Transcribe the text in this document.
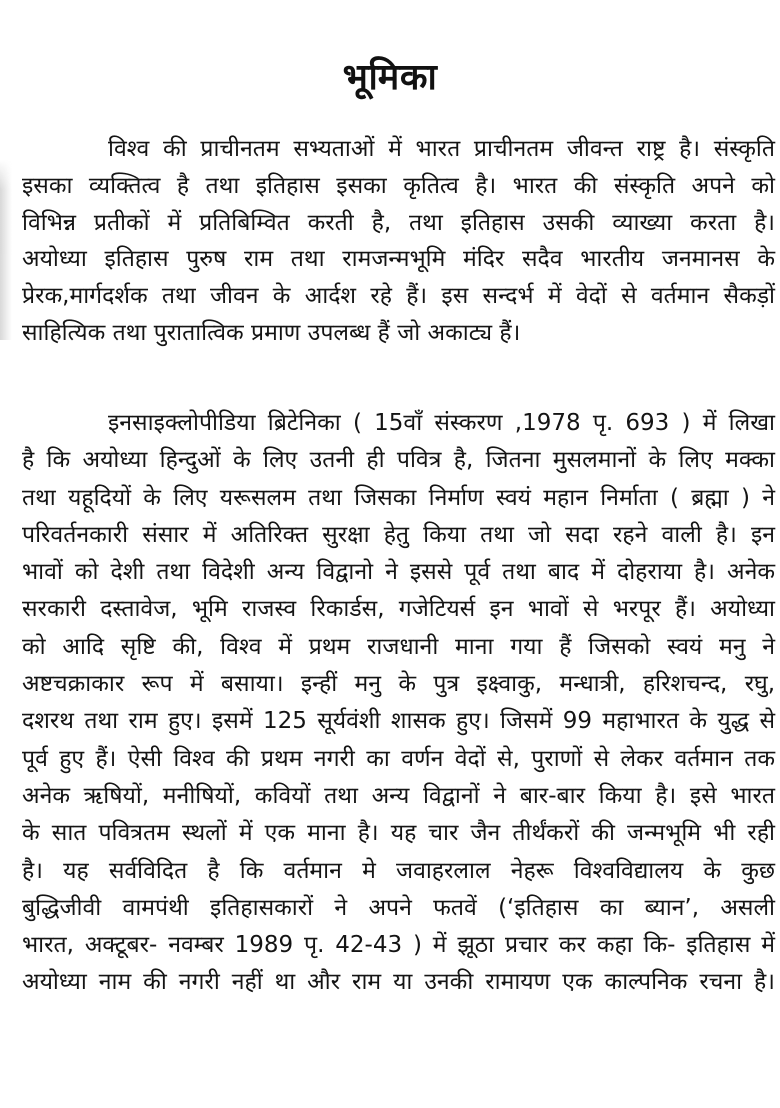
भूमिका
विश्व की प्राचीनतम सभ्यताओं में भारत प्राचीनतम जीवन्त राष्ट्र है। संस्कृति
इसका व्यक्तित्व है तथा इतिहास इसका कृतित्व है। भारत की संस्कृति अपने को
विभिन्न प्रतीकों में प्रतिबिम्वित करती है, तथा इतिहास उसकी व्याख्या करता है।
अयोध्या इतिहास पुरुष राम तथा रामजन्मभूमि मंदिर सदैव भारतीय जनमानस के
प्रेरक,मार्गदर्शक तथा जीवन के आर्दश रहे हैं। इस सन्दर्भ में वेदों से वर्तमान सैकड़ों
साहित्यिक तथा पुरातात्विक प्रमाण उपलब्ध हैं जो अकाट्य हैं।
इनसाइक्लोपीडिया ब्रिटेनिका ( 15वाँ संस्करण ,1978 पृ. 693 ) में लिखा
है कि अयोध्या हिन्दुओं के लिए उतनी ही पवित्र है, जितना मुसलमानों के लिए मक्का
तथा यहूदियों के लिए यरूसलम तथा जिसका निर्माण स्वयं महान निर्माता ( ब्रह्मा ) ने
परिवर्तनकारी संसार में अतिरिक्त सुरक्षा हेतु किया तथा जो सदा रहने वाली है। इन
भावों को देशी तथा विदेशी अन्य विद्वानो ने इससे पूर्व तथा बाद में दोहराया है। अनेक
सरकारी दस्तावेज, भूमि राजस्व रिकार्डस, गजेटियर्स इन भावों से भरपूर हैं। अयोध्या
को आदि सृष्टि की, विश्व में प्रथम राजधानी माना गया हैं जिसको स्वयं मनु ने
अष्टचक्राकार रूप में बसाया। इन्हीं मनु के पुत्र इक्ष्वाकु, मन्धात्री, हरिशचन्द, रघु,
दशरथ तथा राम हुए। इसमें 125 सूर्यवंशी शासक हुए। जिसमें 99 महाभारत के युद्ध से
पूर्व हुए हैं। ऐसी विश्व की प्रथम नगरी का वर्णन वेदों से, पुराणों से लेकर वर्तमान तक
अनेक ऋषियों, मनीषियों, कवियों तथा अन्य विद्वानों ने बार-बार किया है। इसे भारत
के सात पवित्रतम स्थलों में एक माना है। यह चार जैन तीर्थंकरों की जन्मभूमि भी रही
है। यह सर्वविदित है कि वर्तमान मे जवाहरलाल नेहरू विश्वविद्यालय के कुछ
बुद्धिजीवी वामपंथी इतिहासकारों ने अपने फतवें (‘इतिहास का ब्यान’, असली
भारत, अक्टूबर- नवम्बर 1989 पृ. 42-43 ) में झूठा प्रचार कर कहा कि- इतिहास में
अयोध्या नाम की नगरी नहीं था और राम या उनकी रामायण एक काल्पनिक रचना है।
